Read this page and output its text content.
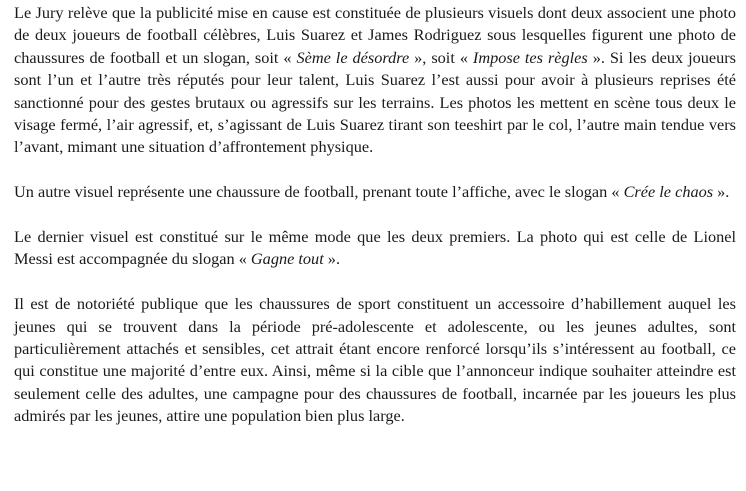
Le Jury relève que la publicité mise en cause est constituée de plusieurs visuels dont deux associent une photo de deux joueurs de football célèbres, Luis Suarez et James Rodriguez sous lesquelles figurent une photo de chaussures de football et un slogan, soit « Sème le désordre », soit « Impose tes règles ». Si les deux joueurs sont l’un et l’autre très réputés pour leur talent, Luis Suarez l’est aussi pour avoir à plusieurs reprises été sanctionné pour des gestes brutaux ou agressifs sur les terrains. Les photos les mettent en scène tous deux le visage fermé, l’air agressif, et, s’agissant de Luis Suarez tirant son teeshirt par le col, l’autre main tendue vers l’avant, mimant une situation d’affrontement physique.

Un autre visuel représente une chaussure de football, prenant toute l’affiche, avec le slogan « Crée le chaos ».

Le dernier visuel est constitué sur le même mode que les deux premiers. La photo qui est celle de Lionel Messi est accompagnée du slogan « Gagne tout ».

Il est de notoriété publique que les chaussures de sport constituent un accessoire d’habillement auquel les jeunes qui se trouvent dans la période pré-adolescente et adolescente, ou les jeunes adultes, sont particulièrement attachés et sensibles, cet attrait étant encore renforcé lorsqu’ils s’intéressent au football, ce qui constitue une majorité d’entre eux. Ainsi, même si la cible que l’annonceur indique souhaiter atteindre est seulement celle des adultes, une campagne pour des chaussures de football, incarnée par les joueurs les plus admirés par les jeunes, attire une population bien plus large.
